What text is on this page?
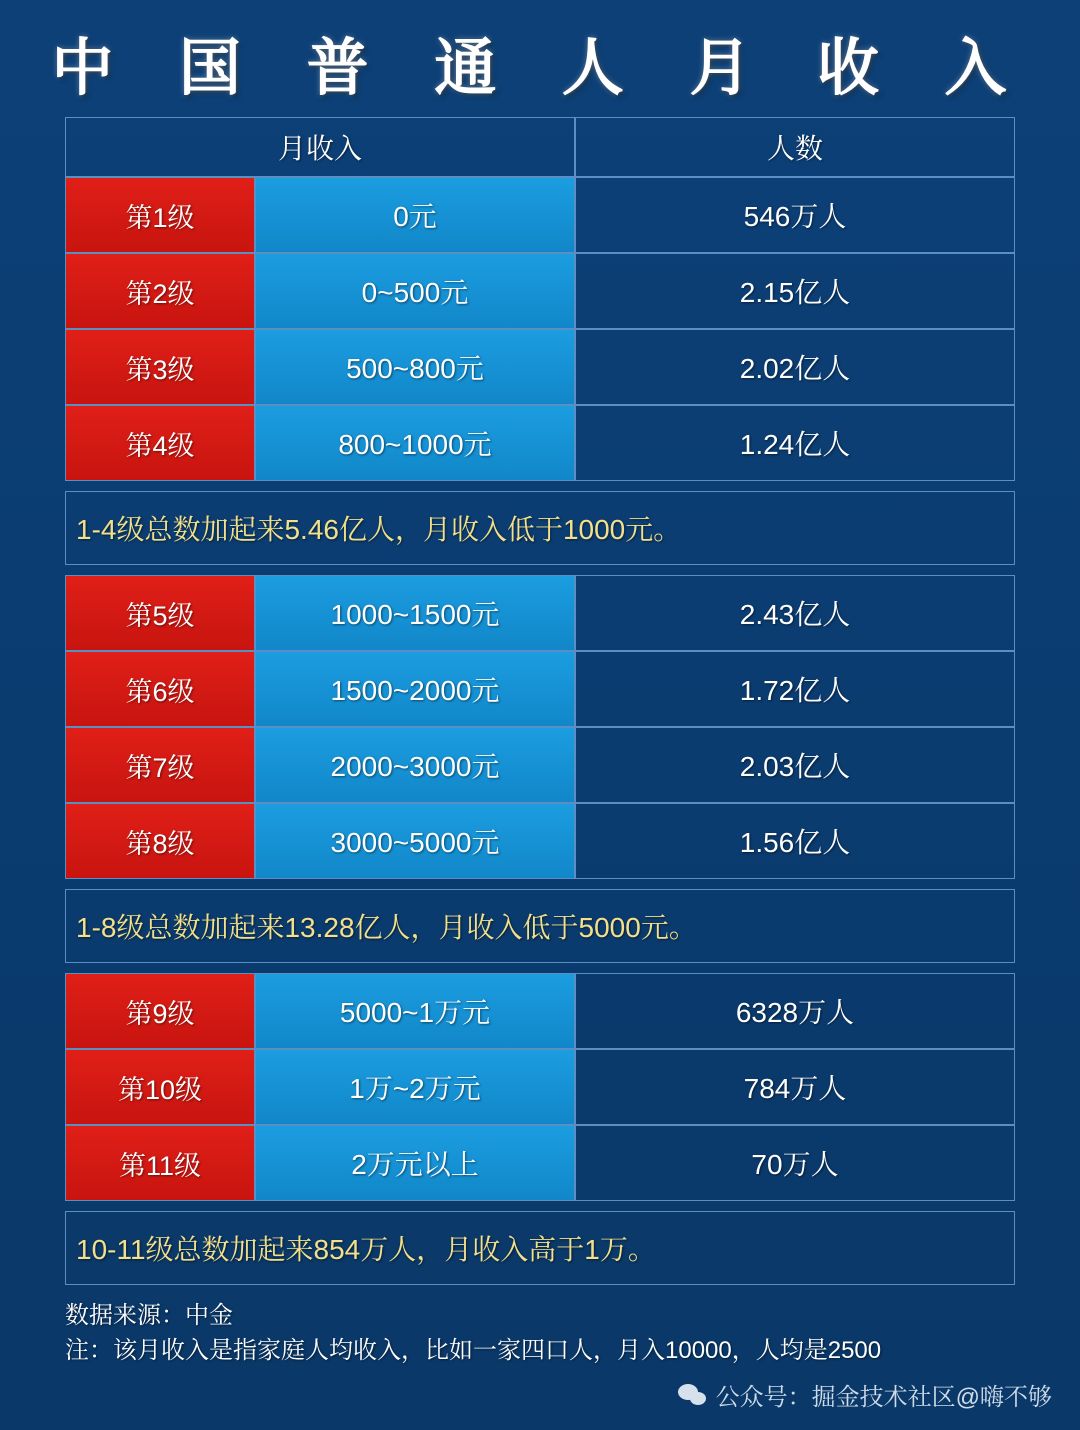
中 国 普 通 人 月 收 入
月收入	人数
第1级	0元	546万人
第2级	0~500元	2.15亿人
第3级	500~800元	2.02亿人
第4级	800~1000元	1.24亿人
1-4级总数加起来5.46亿人，月收入低于1000元。
第5级	1000~1500元	2.43亿人
第6级	1500~2000元	1.72亿人
第7级	2000~3000元	2.03亿人
第8级	3000~5000元	1.56亿人
1-8级总数加起来13.28亿人，月收入低于5000元。
第9级	5000~1万元	6328万人
第10级	1万~2万元	784万人
第11级	2万元以上	70万人
10-11级总数加起来854万人，月收入高于1万。
数据来源：中金
注：该月收入是指家庭人均收入，比如一家四口人，月入10000，人均是2500
公众号：掘金技术社区@嗨不够
